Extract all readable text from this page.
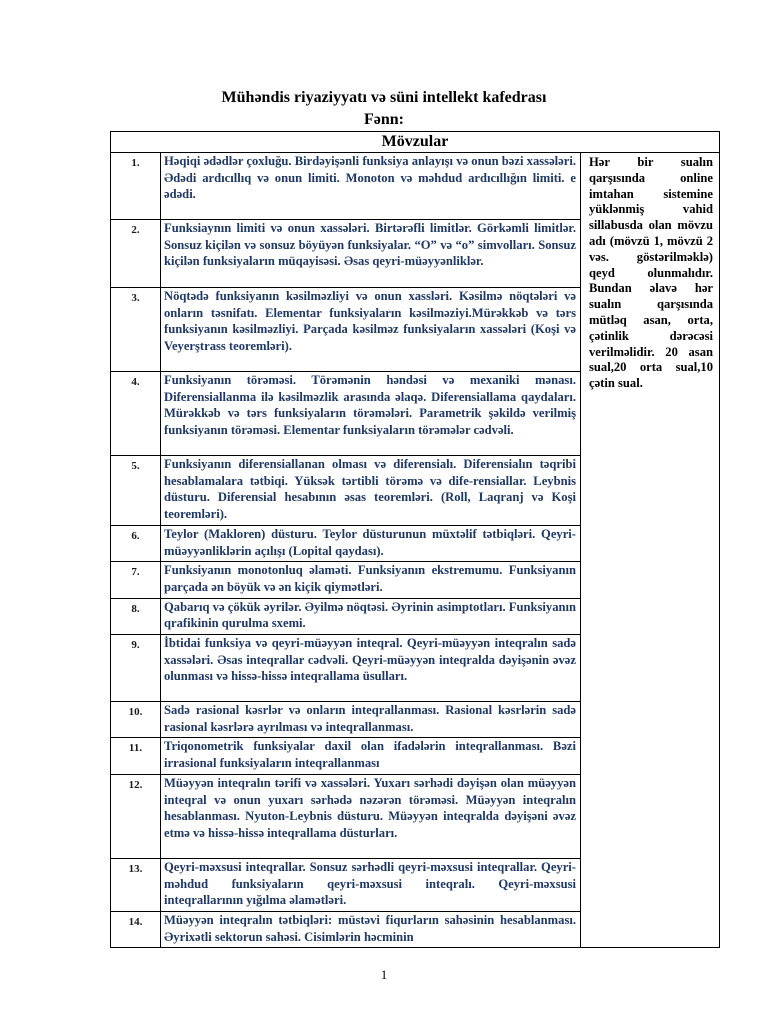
Mühəndis riyaziyyatı və süni intellekt kafedrası
Fənn:
Mövzular		
1.	Həqiqi ədədlər çoxluğu. Birdəyişənli funksiya anlayışı və onun bəzi xassələri. Ədədi ardıcıllıq və onun limiti. Monoton və məhdud ardıcıllığın limiti. e ədədi.	Hər bir sualın qarşısında online imtahan sistemine yüklənmiş vahid sillabusda olan mövzu adı (mövzü 1, mövzü 2 vəs. göstərilməklə) qeyd olunmalıdır. Bundan əlavə hər sualın qarşısında mütləq asan, orta, çətinlik dərəcəsi verilməlidir. 20 asan sual,20 orta sual,10 çətin sual.
2.	Funksiaynın limiti və onun xassələri. Birtərəfli limitlər. Görkəmli limitlər. Sonsuz kiçilən və sonsuz böyüyən funksiyalar. “O” və “o” simvolları. Sonsuz kiçilən funksiyaların müqayisəsi. Əsas qeyri-müəyyənliklər.	
3.	Nöqtədə funksiyanın kəsilməzliyi və onun xassləri. Kəsilmə nöqtələri və onların təsnifatı. Elementar funksiyaların kəsilməziyi.Mürəkkəb və tərs funksiyanın kəsilməzliyi. Parçada kəsilməz funksiyaların xassələri (Koşi və Veyerştrass teoremləri).	
4.	Funksiyanın törəməsi. Törəmənin həndəsi və mexaniki mənası. Diferensiallanma ilə kəsilməzlik arasında əlaqə. Diferensiallama qaydaları. Mürəkkəb və tərs funksiyaların törəmələri. Parametrik şəkildə verilmiş funksiyanın törəməsi. Elementar funksiyaların törəmələr cədvəli.	
5.	Funksiyanın diferensiallanan olması və diferensialı. Diferensialın təqribi hesablamalara tətbiqi. Yüksək tərtibli törəmə və dife-rensiallar. Leybnis düsturu. Diferensial hesabının əsas teoremləri. (Roll, Laqranj və Koşi teoremləri).	
6.	Teylor (Makloren) düsturu. Teylor düsturunun müxtəlif tətbiqləri. Qeyri-müəyyənliklərin açılışı (Lopital qaydası).	
7.	Funksiyanın monotonluq əlaməti. Funksiyanın ekstremumu. Funksiyanın parçada ən böyük və ən kiçik qiymətləri.	
8.	Qabarıq və çökük əyrilər. Əyilmə nöqtəsi. Əyrinin asimptotları. Funksiyanın qrafikinin qurulma sxemi.	
9.	İbtidai funksiya və qeyri-müəyyən inteqral. Qeyri-müəyyən inteqralın sadə xassələri. Əsas inteqrallar cədvəli. Qeyri-müəyyən inteqralda dəyişənin əvəz olunması və hissə-hissə inteqrallama üsulları.	
10.	Sadə rasional kəsrlər və onların inteqrallanması. Rasional kəsrlərin sadə rasional kəsrlərə ayrılması və inteqrallanması.	
11.	Triqonometrik funksiyalar daxil olan ifadələrin inteqrallanması. Bəzi irrasional funksiyaların inteqrallanması	
12.	Müəyyən inteqralın tərifi və xassələri. Yuxarı sərhədi dəyişən olan müəyyən inteqral və onun yuxarı sərhədə nəzərən törəməsi. Müəyyən inteqralın hesablanması. Nyuton-Leybnis düsturu. Müəyyən inteqralda dəyişəni əvəz etmə və hissə-hissə inteqrallama düsturları.	
13.	Qeyri-məxsusi inteqrallar. Sonsuz sərhədli qeyri-məxsusi inteqrallar. Qeyri-məhdud funksiyaların qeyri-məxsusi inteqralı. Qeyri-məxsusi inteqrallarının yığılma əlamətləri.	
14.	Müəyyən inteqralın tətbiqləri: müstəvi fiqurların sahəsinin hesablanması. Əyrixətli sektorun sahəsi. Cisimlərin həcminin	
1
